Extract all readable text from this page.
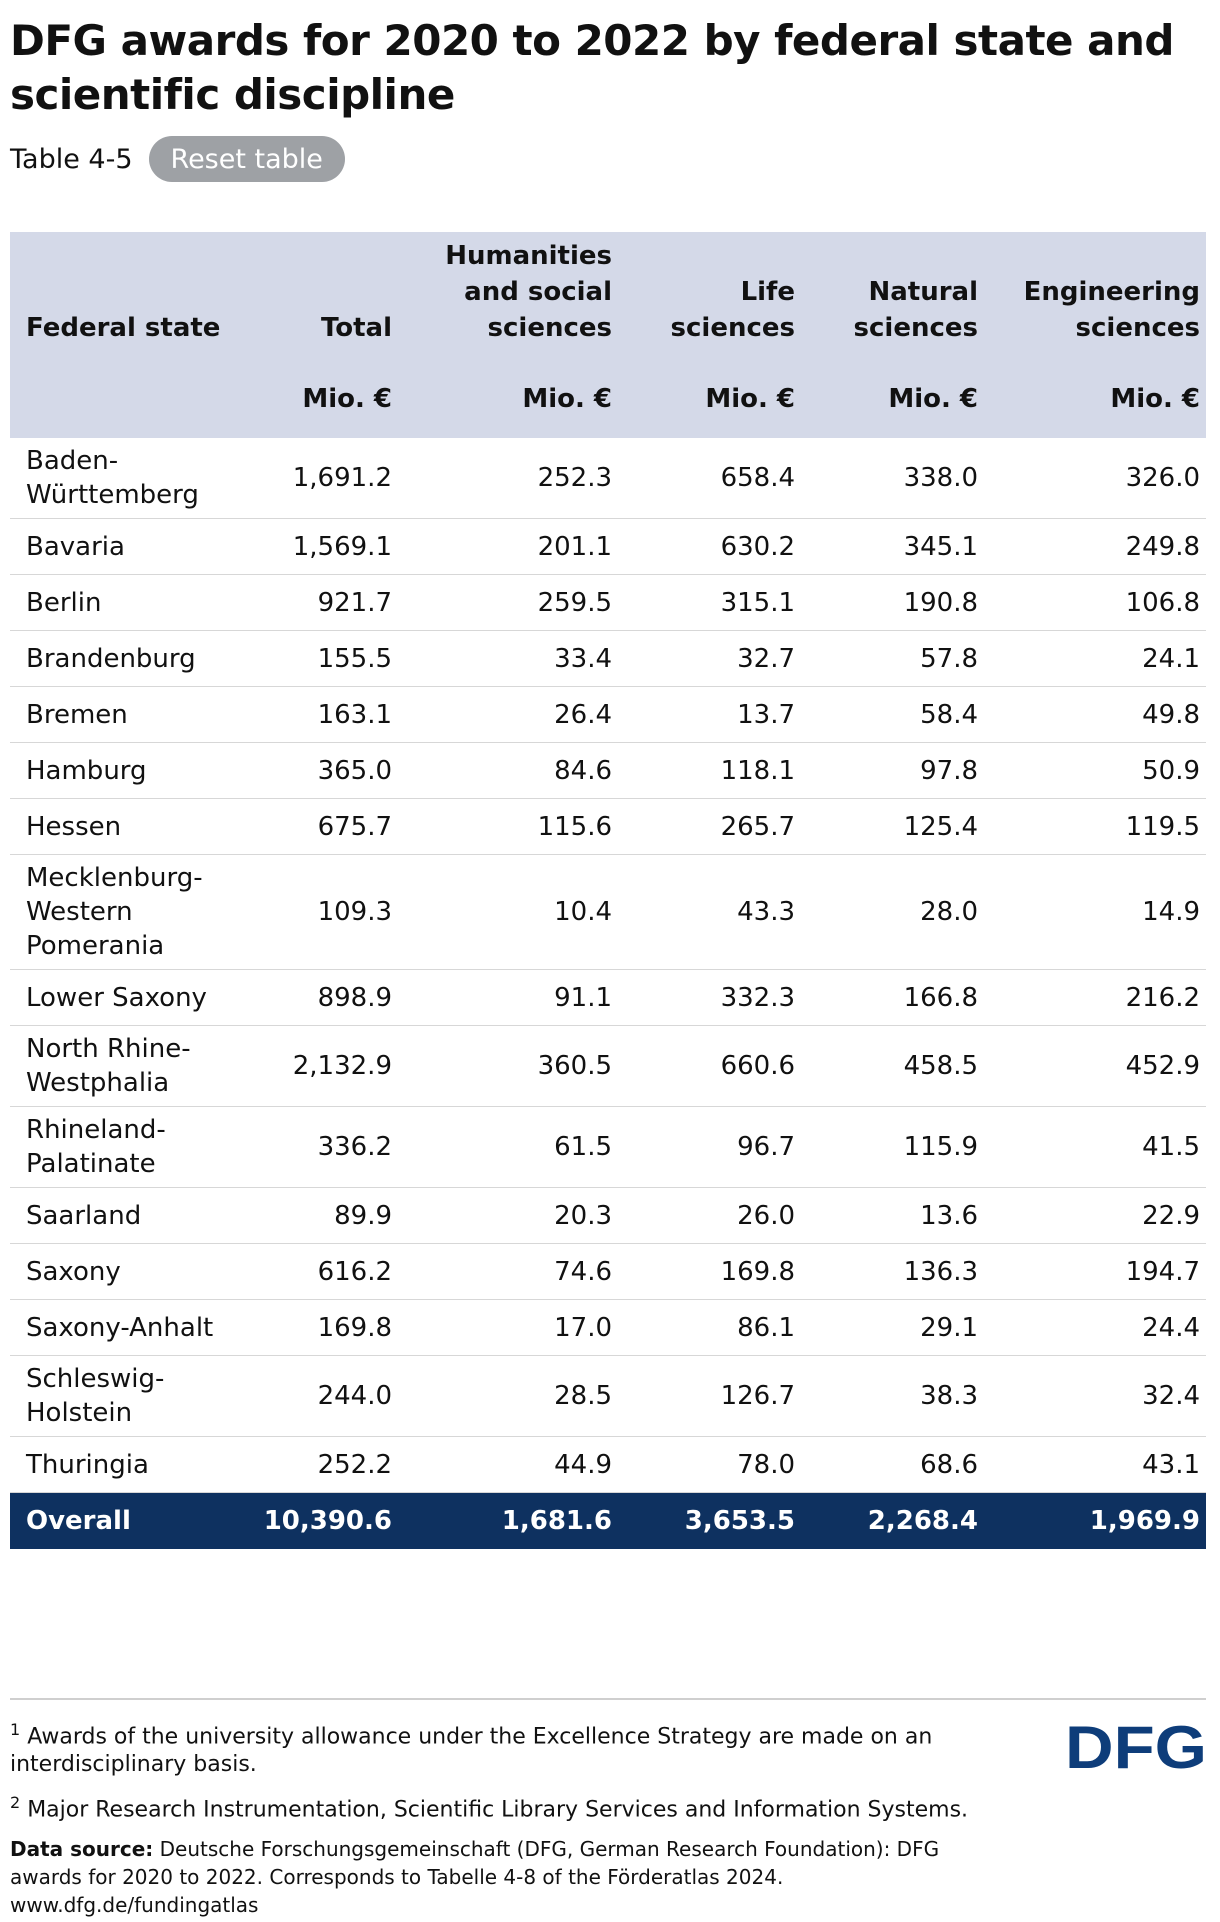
DFG awards for 2020 to 2022 by federal state and scientific discipline
Table 4-5	Reset table
Federal state	Total	Humanities and social sciences	Life sciences	Natural sciences	Engineering sciences
	Mio. €	Mio. €	Mio. €	Mio. €	Mio. €
Baden-Württemberg	1,691.2	252.3	658.4	338.0	326.0
Bavaria	1,569.1	201.1	630.2	345.1	249.8
Berlin	921.7	259.5	315.1	190.8	106.8
Brandenburg	155.5	33.4	32.7	57.8	24.1
Bremen	163.1	26.4	13.7	58.4	49.8
Hamburg	365.0	84.6	118.1	97.8	50.9
Hessen	675.7	115.6	265.7	125.4	119.5
Mecklenburg-Western Pomerania	109.3	10.4	43.3	28.0	14.9
Lower Saxony	898.9	91.1	332.3	166.8	216.2
North Rhine-Westphalia	2,132.9	360.5	660.6	458.5	452.9
Rhineland-Palatinate	336.2	61.5	96.7	115.9	41.5
Saarland	89.9	20.3	26.0	13.6	22.9
Saxony	616.2	74.6	169.8	136.3	194.7
Saxony-Anhalt	169.8	17.0	86.1	29.1	24.4
Schleswig-Holstein	244.0	28.5	126.7	38.3	32.4
Thuringia	252.2	44.9	78.0	68.6	43.1
Overall	10,390.6	1,681.6	3,653.5	2,268.4	1,969.9
$^1$ Awards of the university allowance under the Excellence Strategy are made on an interdisciplinary basis.
$^2$ Major Research Instrumentation, Scientific Library Services and Information Systems.
Data source: Deutsche Forschungsgemeinschaft (DFG, German Research Foundation): DFG awards for 2020 to 2022. Corresponds to Tabelle 4-8 of the Förderatlas 2024.
www.dfg.de/fundingatlas
DFG
